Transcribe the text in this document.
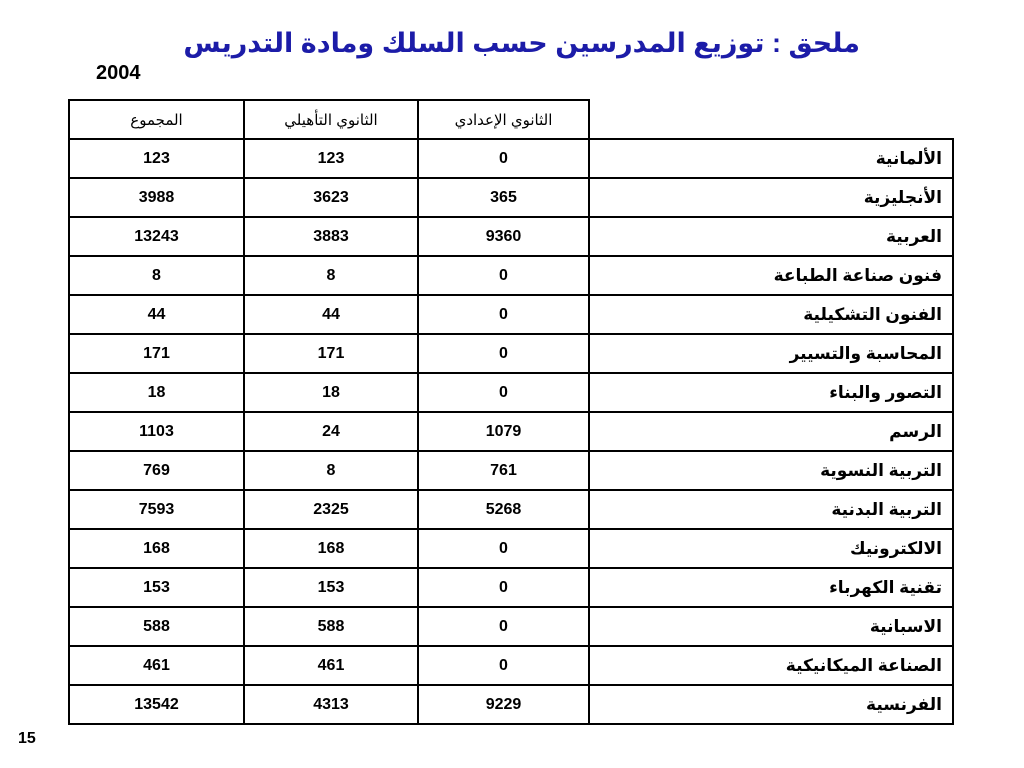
ملحق : توزيع المدرسين حسب السلك ومادة التدريس
2004
المجموع	الثانوي التأهيلي	الثانوي الإعدادي	
123	123	0	الألمانية
3988	3623	365	الأنجليزية
13243	3883	9360	العربية
8	8	0	فنون صناعة الطباعة
44	44	0	الفنون التشكيلية
171	171	0	المحاسبة والتسيير
18	18	0	التصور والبناء
1103	24	1079	الرسم
769	8	761	التربية النسوية
7593	2325	5268	التربية البدنية
168	168	0	الالكترونيك
153	153	0	تقنية الكهرباء
588	588	0	الاسبانية
461	461	0	الصناعة الميكانيكية
13542	4313	9229	الفرنسية
15
